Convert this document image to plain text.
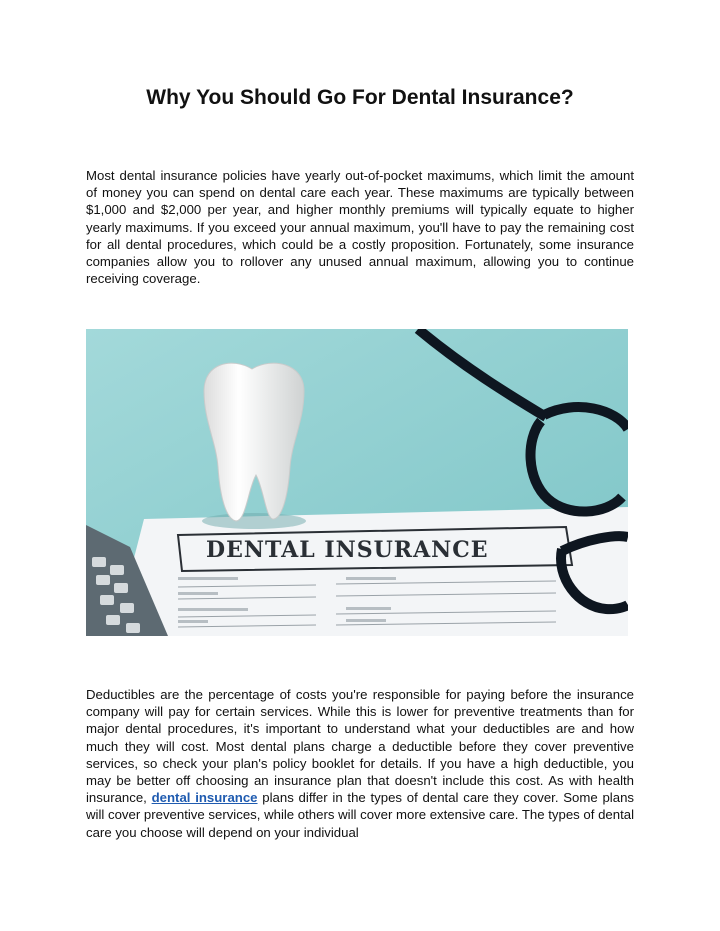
Why You Should Go For Dental Insurance?

Most dental insurance policies have yearly out-of-pocket maximums, which limit the amount of money you can spend on dental care each year. These maximums are typically between $1,000 and $2,000 per year, and higher monthly premiums will typically equate to higher yearly maximums. If you exceed your annual maximum, you'll have to pay the remaining cost for all dental procedures, which could be a costly proposition. Fortunately, some insurance companies allow you to rollover any unused annual maximum, allowing you to continue receiving coverage.

DENTAL INSURANCE

Deductibles are the percentage of costs you're responsible for paying before the insurance company will pay for certain services. While this is lower for preventive treatments than for major dental procedures, it's important to understand what your deductibles are and how much they will cost. Most dental plans charge a deductible before they cover preventive services, so check your plan's policy booklet for details. If you have a high deductible, you may be better off choosing an insurance plan that doesn't include this cost. As with health insurance, dental insurance plans differ in the types of dental care they cover. Some plans will cover preventive services, while others will cover more extensive care. The types of dental care you choose will depend on your individual
